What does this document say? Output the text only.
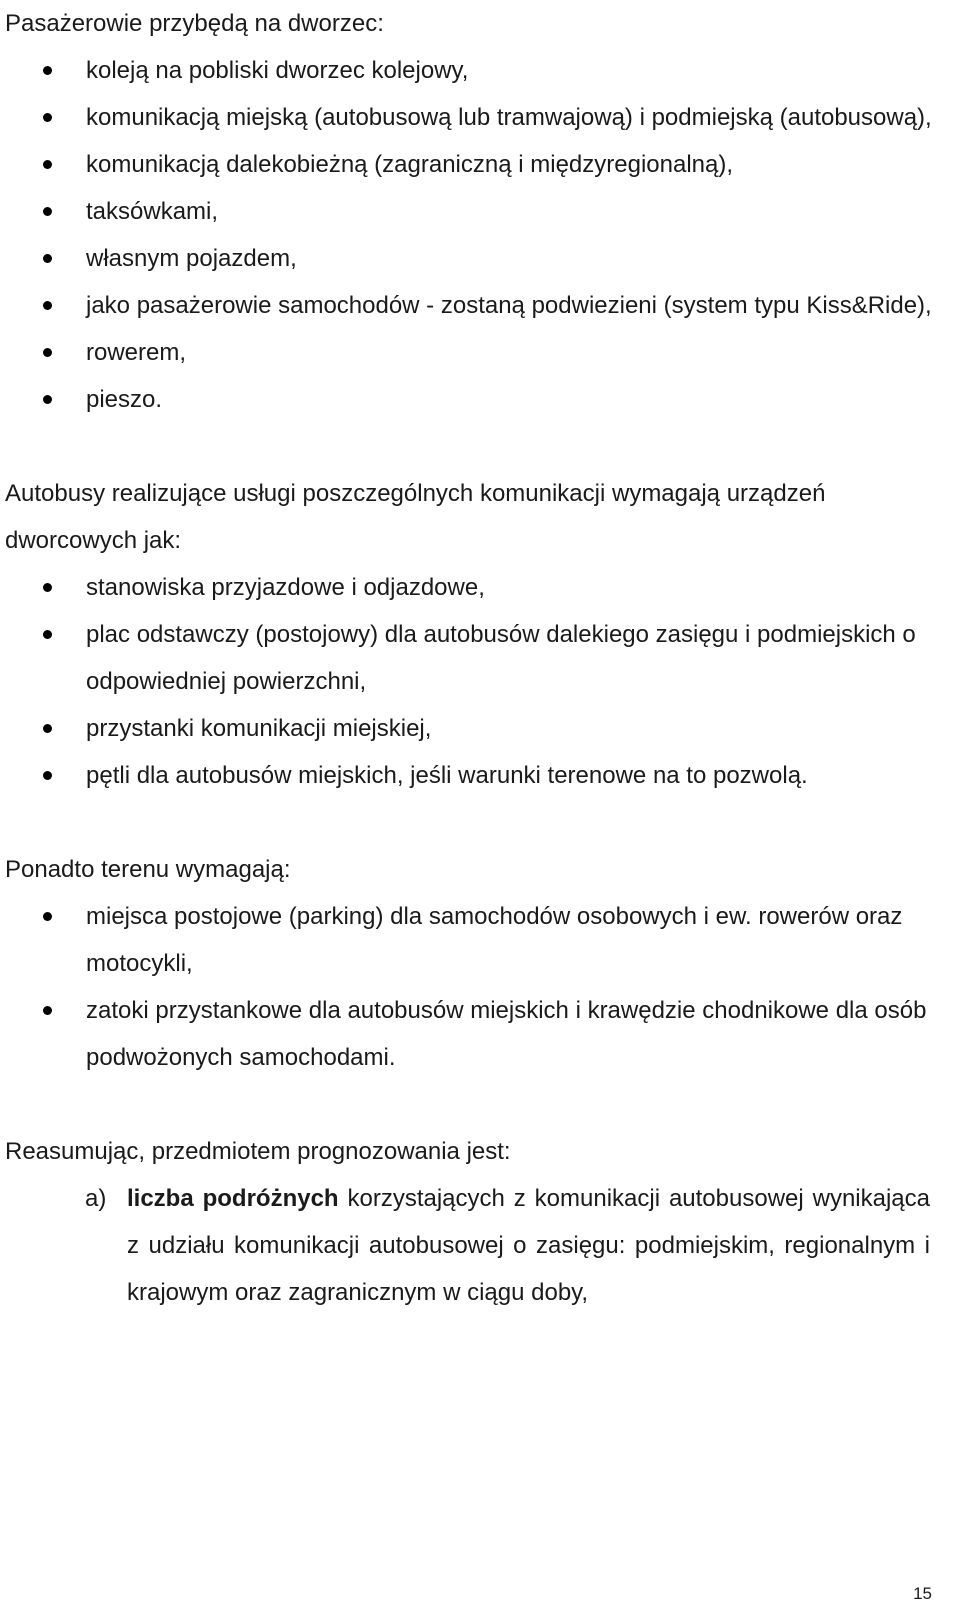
Pasażerowie przybędą na dworzec:

koleją na pobliski dworzec kolejowy,
komunikacją miejską (autobusową lub tramwajową) i podmiejską (autobusową),
komunikacją dalekobieżną (zagraniczną i międzyregionalną),
taksówkami,
własnym pojazdem,
jako pasażerowie samochodów - zostaną podwiezieni (system typu Kiss&Ride),
rowerem,
pieszo.

Autobusy realizujące usługi poszczególnych komunikacji wymagają urządzeń dworcowych jak:

stanowiska przyjazdowe i odjazdowe,
plac odstawczy (postojowy) dla autobusów dalekiego zasięgu i podmiejskich o odpowiedniej powierzchni,
przystanki komunikacji miejskiej,
pętli dla autobusów miejskich, jeśli warunki terenowe na to pozwolą.

Ponadto terenu wymagają:

miejsca postojowe (parking) dla samochodów osobowych i ew. rowerów oraz motocykli,
zatoki przystankowe dla autobusów miejskich i krawędzie chodnikowe dla osób podwożonych samochodami.

Reasumując, przedmiotem prognozowania jest:

a) liczba podróżnych korzystających z komunikacji autobusowej wynikająca z udziału komunikacji autobusowej o zasięgu: podmiejskim, regionalnym i krajowym oraz zagranicznym w ciągu doby,
15
